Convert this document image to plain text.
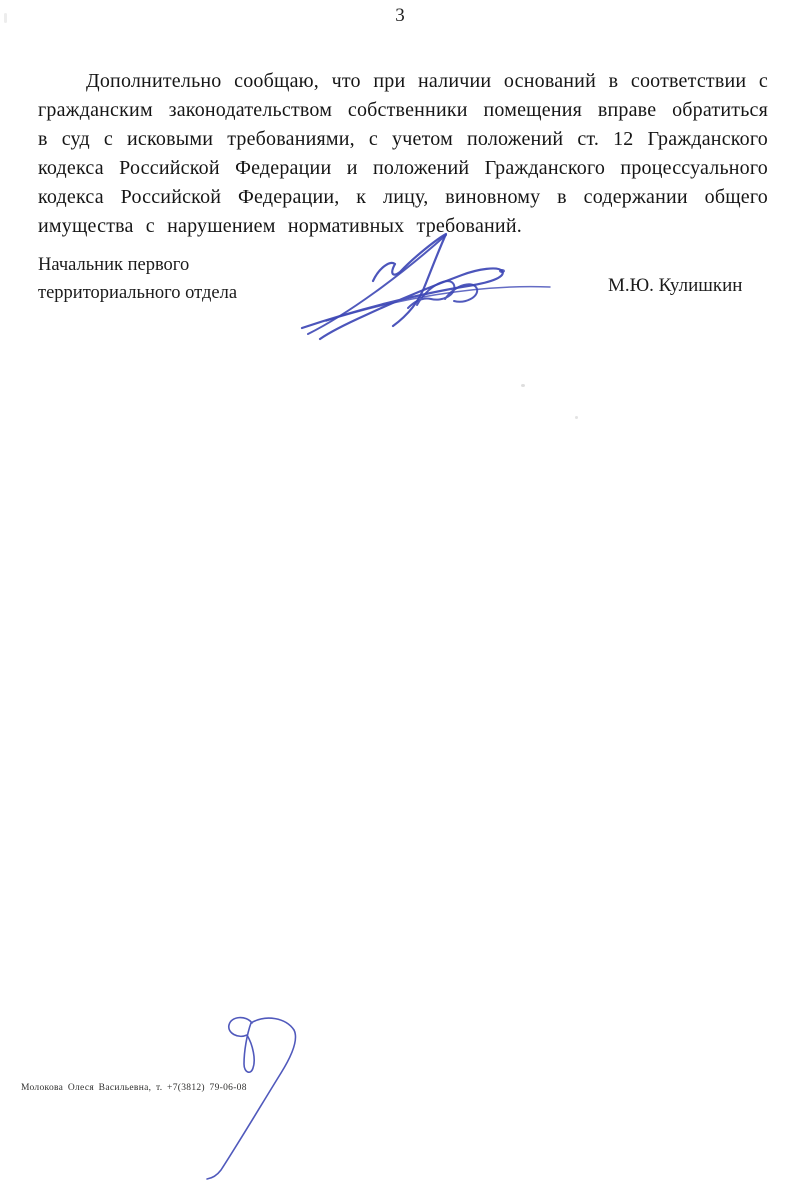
3

Дополнительно сообщаю, что при наличии оснований в соответствии с гражданским законодательством собственники помещения вправе обратиться в суд с исковыми требованиями, с учетом положений ст. 12 Гражданского кодекса Российской Федерации и положений Гражданского процессуального кодекса Российской Федерации, к лицу, виновному в содержании общего имущества с нарушением нормативных требований.

Начальник первого территориального отдела	М.Ю. Кулишкин
Молокова Олеся Васильевна, т. +7(3812) 79-06-08
